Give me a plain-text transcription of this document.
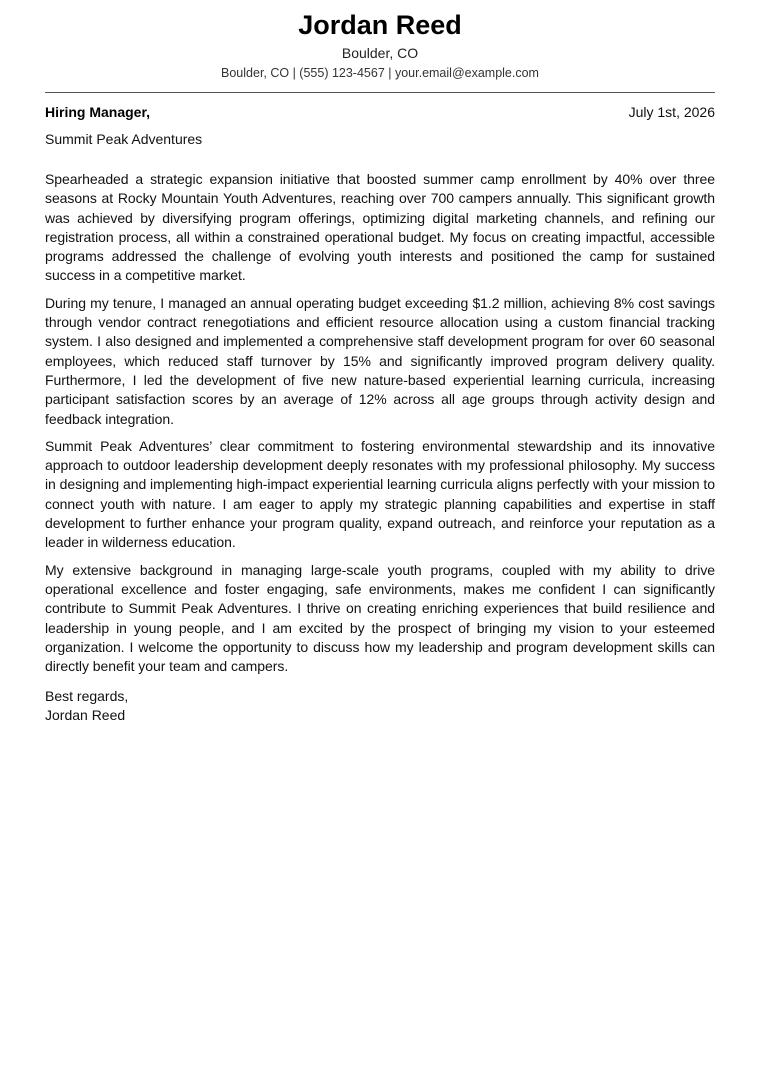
Jordan Reed
Boulder, CO
Boulder, CO | (555) 123-4567 | your.email@example.com
Hiring Manager,	July 1st, 2026
Summit Peak Adventures

Spearheaded a strategic expansion initiative that boosted summer camp enrollment by 40% over three seasons at Rocky Mountain Youth Adventures, reaching over 700 campers annually. This significant growth was achieved by diversifying program offerings, optimizing digital marketing channels, and refining our registration process, all within a constrained operational budget. My focus on creating impactful, accessible programs addressed the challenge of evolving youth interests and positioned the camp for sustained success in a competitive market.

During my tenure, I managed an annual operating budget exceeding $1.2 million, achieving 8% cost savings through vendor contract renegotiations and efficient resource allocation using a custom financial tracking system. I also designed and implemented a comprehensive staff development program for over 60 seasonal employees, which reduced staff turnover by 15% and significantly improved program delivery quality. Furthermore, I led the development of five new nature-based experiential learning curricula, increasing participant satisfaction scores by an average of 12% across all age groups through activity design and feedback integration.

Summit Peak Adventures’ clear commitment to fostering environmental stewardship and its innovative approach to outdoor leadership development deeply resonates with my professional philosophy. My success in designing and implementing high-impact experiential learning curricula aligns perfectly with your mission to connect youth with nature. I am eager to apply my strategic planning capabilities and expertise in staff development to further enhance your program quality, expand outreach, and reinforce your reputation as a leader in wilderness education.

My extensive background in managing large-scale youth programs, coupled with my ability to drive operational excellence and foster engaging, safe environments, makes me confident I can significantly contribute to Summit Peak Adventures. I thrive on creating enriching experiences that build resilience and leadership in young people, and I am excited by the prospect of bringing my vision to your esteemed organization. I welcome the opportunity to discuss how my leadership and program development skills can directly benefit your team and campers.

Best regards,
Jordan Reed
